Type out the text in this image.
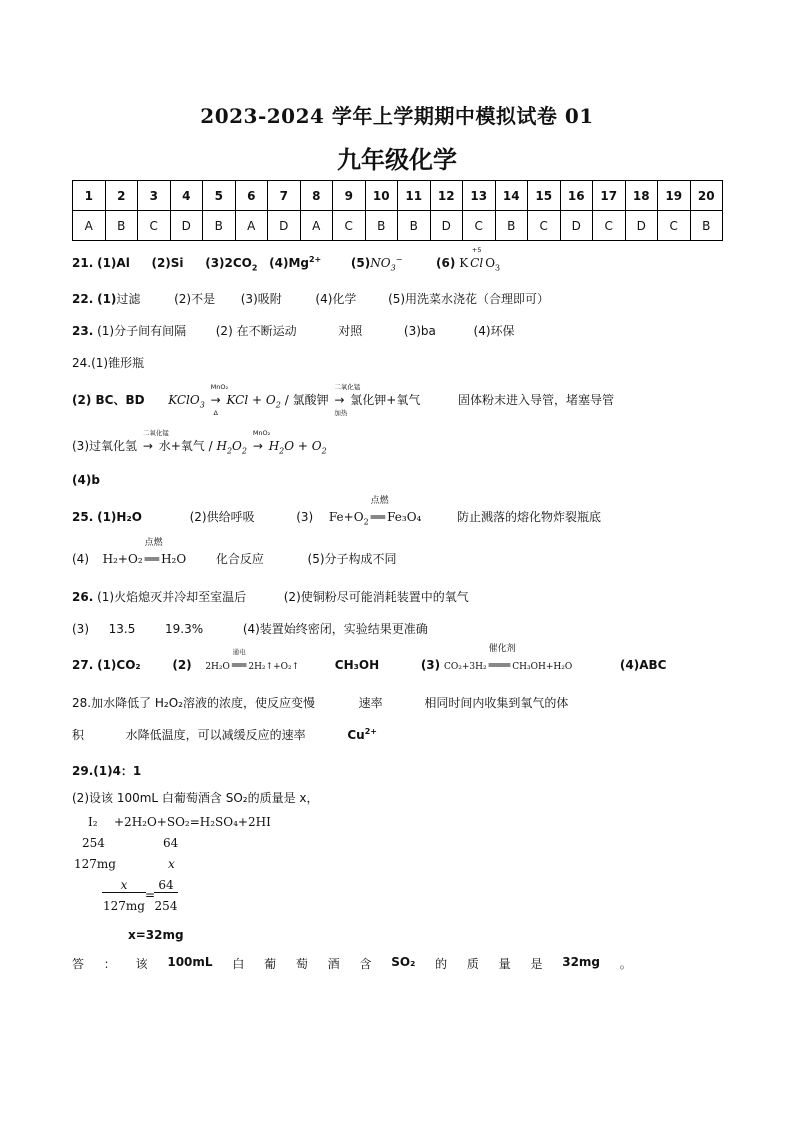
2023-2024 学年上学期期中模拟试卷 01
九年级化学
1	2	3	4	5	6	7	8	9	10	11	12	13	14	15	16	17	18	19	20
A	B	C	D	B	A	D	A	C	B	B	D	C	B	C	D	C	D	C	B
21. (1)Al (2)Si $(3)2CO_2$ $(4)Mg^{2+}$ $(5)NO_3^-$	(6) K
+5
Cl $O_3$
22. (1)过滤	(2)不是 (3)吸附	(4)化学	(5)用洗菜水浇花（合理即可）
23. (1)分子间有间隔 (2) 在不断运动	对照	(3)ba	(4)环保
24.(1)锥形瓶
(2) BC、BD KClO$_3$
MnO₂
→
Δ
KCl + $O_2$ / 氯酸钾
二氧化锰
→
加热
氯化钾+氧气	固体粉末进入导管，堵塞导管
(3)过氧化氢
二氧化锰
→ 水+氧气 / $H_2O_2$
MnO₂
→ $H_2O + O_2$
(4)b
25. (1)H₂O	(2)供给呼吸	(3) $Fe+O_2$
点燃
══ Fe₃O₄	防止溅落的熔化物炸裂瓶底
(4) H₂+O₂
点燃
══ H₂O 化合反应	(5)分子构成不同
26. (1)火焰熄灭并冷却至室温后	(2)使铜粉尽可能消耗装置中的氧气
(3) 13.5 19.3%	(4)装置始终密闭，实验结果更准确
27. (1)CO₂	(2) 2H₂O
通电
══ 2H₂↑+O₂↑	CH₃OH	(3) CO₂+3H₂
催化剂
═══ CH₃OH+H₂O	(4)ABC
28.加水降低了 H₂O₂溶液的浓度，使反应变慢	速率	相同时间内收集到氧气的体
积	水降低温度，可以减缓反应的速率	$Cu^{2+}$
29.(1)4：1
(2)设该 100mL 白葡萄酒含 SO₂的质量是 x，
I₂ +2H₂O+SO₂=H₂SO₄+2HI
254	64
127mg	x
x
127mg
=
64
254
x=32mg
答 ： 该 100mL 白 葡 萄 酒 含 SO₂ 的 质 量 是 32mg 。
